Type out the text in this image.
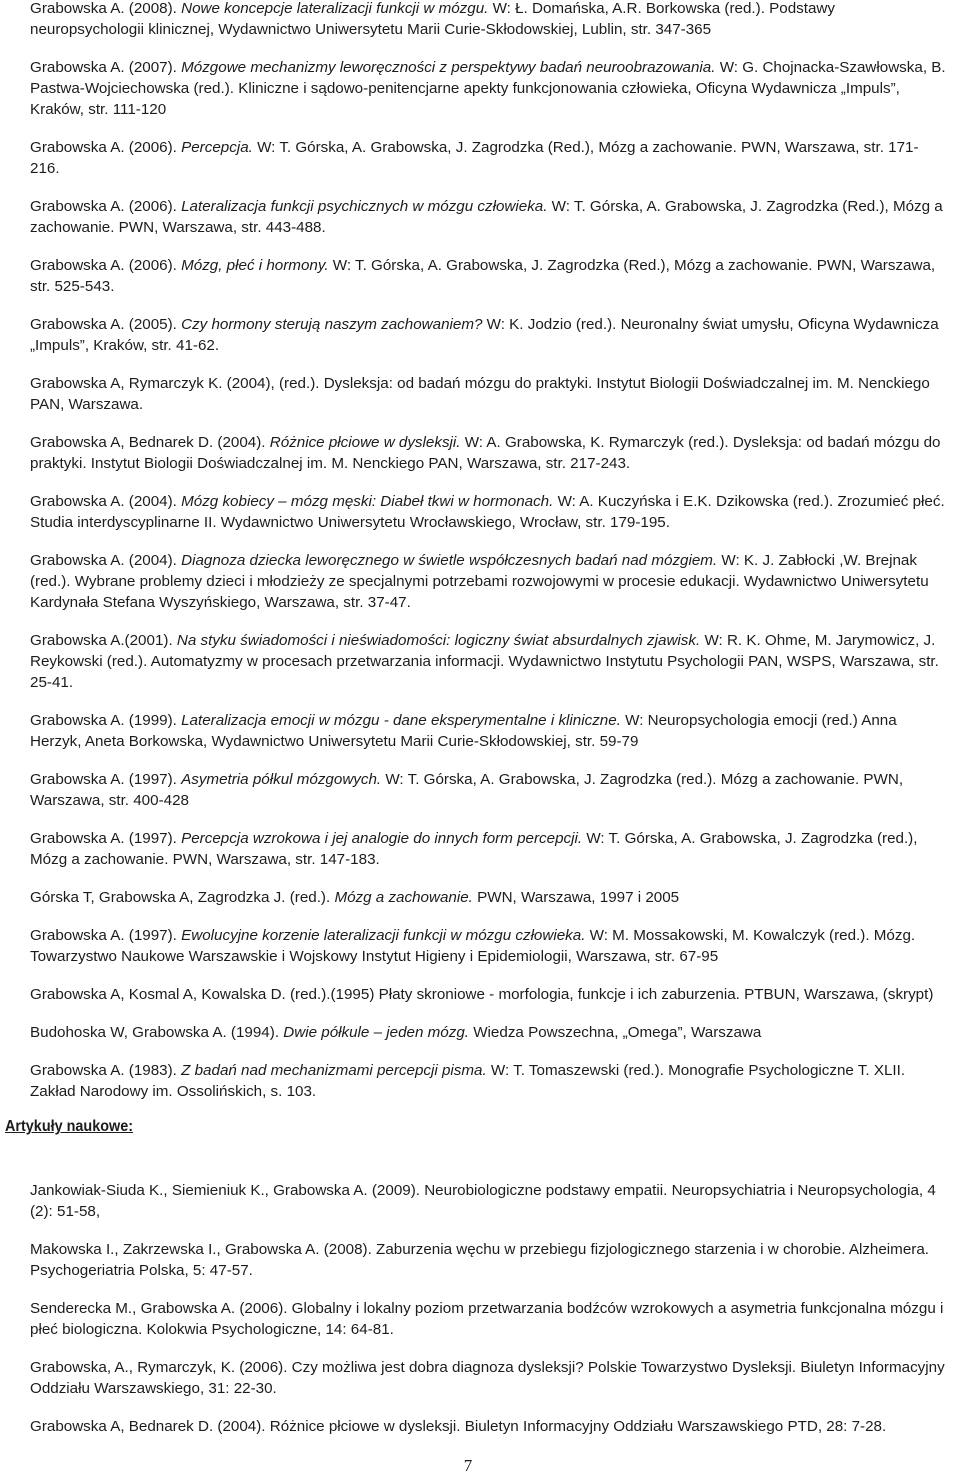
Grabowska A. (2008). Nowe koncepcje lateralizacji funkcji w mózgu. W: Ł. Domańska, A.R. Borkowska (red.). Podstawy neuropsychologii klinicznej, Wydawnictwo Uniwersytetu Marii Curie-Skłodowskiej, Lublin, str. 347-365

Grabowska A. (2007). Mózgowe mechanizmy leworęczności z perspektywy badań neuroobrazowania. W: G. Chojnacka-Szawłowska, B. Pastwa-Wojciechowska (red.). Kliniczne i sądowo-penitencjarne apekty funkcjonowania człowieka, Oficyna Wydawnicza „Impuls”, Kraków, str. 111-120

Grabowska A. (2006). Percepcja. W: T. Górska, A. Grabowska, J. Zagrodzka (Red.), Mózg a zachowanie. PWN, Warszawa, str. 171-216.

Grabowska A. (2006). Lateralizacja funkcji psychicznych w mózgu człowieka. W: T. Górska, A. Grabowska, J. Zagrodzka (Red.), Mózg a zachowanie. PWN, Warszawa, str. 443-488.

Grabowska A. (2006). Mózg, płeć i hormony. W: T. Górska, A. Grabowska, J. Zagrodzka (Red.), Mózg a zachowanie. PWN, Warszawa, str. 525-543.

Grabowska A. (2005). Czy hormony sterują naszym zachowaniem? W: K. Jodzio (red.). Neuronalny świat umysłu, Oficyna Wydawnicza „Impuls”, Kraków, str. 41-62.

Grabowska A, Rymarczyk K. (2004), (red.). Dysleksja: od badań mózgu do praktyki. Instytut Biologii Doświadczalnej im. M. Nenckiego PAN, Warszawa.

Grabowska A, Bednarek D. (2004). Różnice płciowe w dysleksji. W: A. Grabowska, K. Rymarczyk (red.). Dysleksja: od badań mózgu do praktyki. Instytut Biologii Doświadczalnej im. M. Nenckiego PAN, Warszawa, str. 217-243.

Grabowska A. (2004). Mózg kobiecy – mózg męski: Diabeł tkwi w hormonach. W: A. Kuczyńska i E.K. Dzikowska (red.). Zrozumieć płeć. Studia interdyscyplinarne II. Wydawnictwo Uniwersytetu Wrocławskiego, Wrocław, str. 179-195.

Grabowska A. (2004). Diagnoza dziecka leworęcznego w świetle współczesnych badań nad mózgiem. W: K. J. Zabłocki ,W. Brejnak (red.). Wybrane problemy dzieci i młodzieży ze specjalnymi potrzebami rozwojowymi w procesie edukacji. Wydawnictwo Uniwersytetu Kardynała Stefana Wyszyńskiego, Warszawa, str. 37-47.

Grabowska A.(2001). Na styku świadomości i nieświadomości: logiczny świat absurdalnych zjawisk. W: R. K. Ohme, M. Jarymowicz, J. Reykowski (red.). Automatyzmy w procesach przetwarzania informacji. Wydawnictwo Instytutu Psychologii PAN, WSPS, Warszawa, str. 25-41.

Grabowska A. (1999). Lateralizacja emocji w mózgu - dane eksperymentalne i kliniczne. W: Neuropsychologia emocji (red.) Anna Herzyk, Aneta Borkowska, Wydawnictwo Uniwersytetu Marii Curie-Skłodowskiej, str. 59-79

Grabowska A. (1997). Asymetria półkul mózgowych. W: T. Górska, A. Grabowska, J. Zagrodzka (red.). Mózg a zachowanie. PWN, Warszawa, str. 400-428

Grabowska A. (1997). Percepcja wzrokowa i jej analogie do innych form percepcji. W: T. Górska, A. Grabowska, J. Zagrodzka (red.), Mózg a zachowanie. PWN, Warszawa, str. 147-183.

Górska T, Grabowska A, Zagrodzka J. (red.). Mózg a zachowanie. PWN, Warszawa, 1997 i 2005

Grabowska A. (1997). Ewolucyjne korzenie lateralizacji funkcji w mózgu człowieka. W: M. Mossakowski, M. Kowalczyk (red.). Mózg. Towarzystwo Naukowe Warszawskie i Wojskowy Instytut Higieny i Epidemiologii, Warszawa, str. 67-95

Grabowska A, Kosmal A, Kowalska D. (red.).(1995) Płaty skroniowe - morfologia, funkcje i ich zaburzenia. PTBUN, Warszawa, (skrypt)

Budohoska W, Grabowska A. (1994). Dwie półkule – jeden mózg. Wiedza Powszechna, „Omega”, Warszawa

Grabowska A. (1983). Z badań nad mechanizmami percepcji pisma. W: T. Tomaszewski (red.). Monografie Psychologiczne T. XLII. Zakład Narodowy im. Ossolińskich, s. 103.

Artykuły naukowe:

Jankowiak-Siuda K., Siemieniuk K., Grabowska A. (2009). Neurobiologiczne podstawy empatii. Neuropsychiatria i Neuropsychologia, 4 (2): 51-58,

Makowska I., Zakrzewska I., Grabowska A. (2008). Zaburzenia węchu w przebiegu fizjologicznego starzenia i w chorobie. Alzheimera. Psychogeriatria Polska, 5: 47-57.

Senderecka M., Grabowska A. (2006). Globalny i lokalny poziom przetwarzania bodźców wzrokowych a asymetria funkcjonalna mózgu i płeć biologiczna. Kolokwia Psychologiczne, 14: 64-81.

Grabowska, A., Rymarczyk, K. (2006). Czy możliwa jest dobra diagnoza dysleksji? Polskie Towarzystwo Dysleksji. Biuletyn Informacyjny Oddziału Warszawskiego, 31: 22-30.

Grabowska A, Bednarek D. (2004). Różnice płciowe w dysleksji. Biuletyn Informacyjny Oddziału Warszawskiego PTD, 28: 7-28.

7
